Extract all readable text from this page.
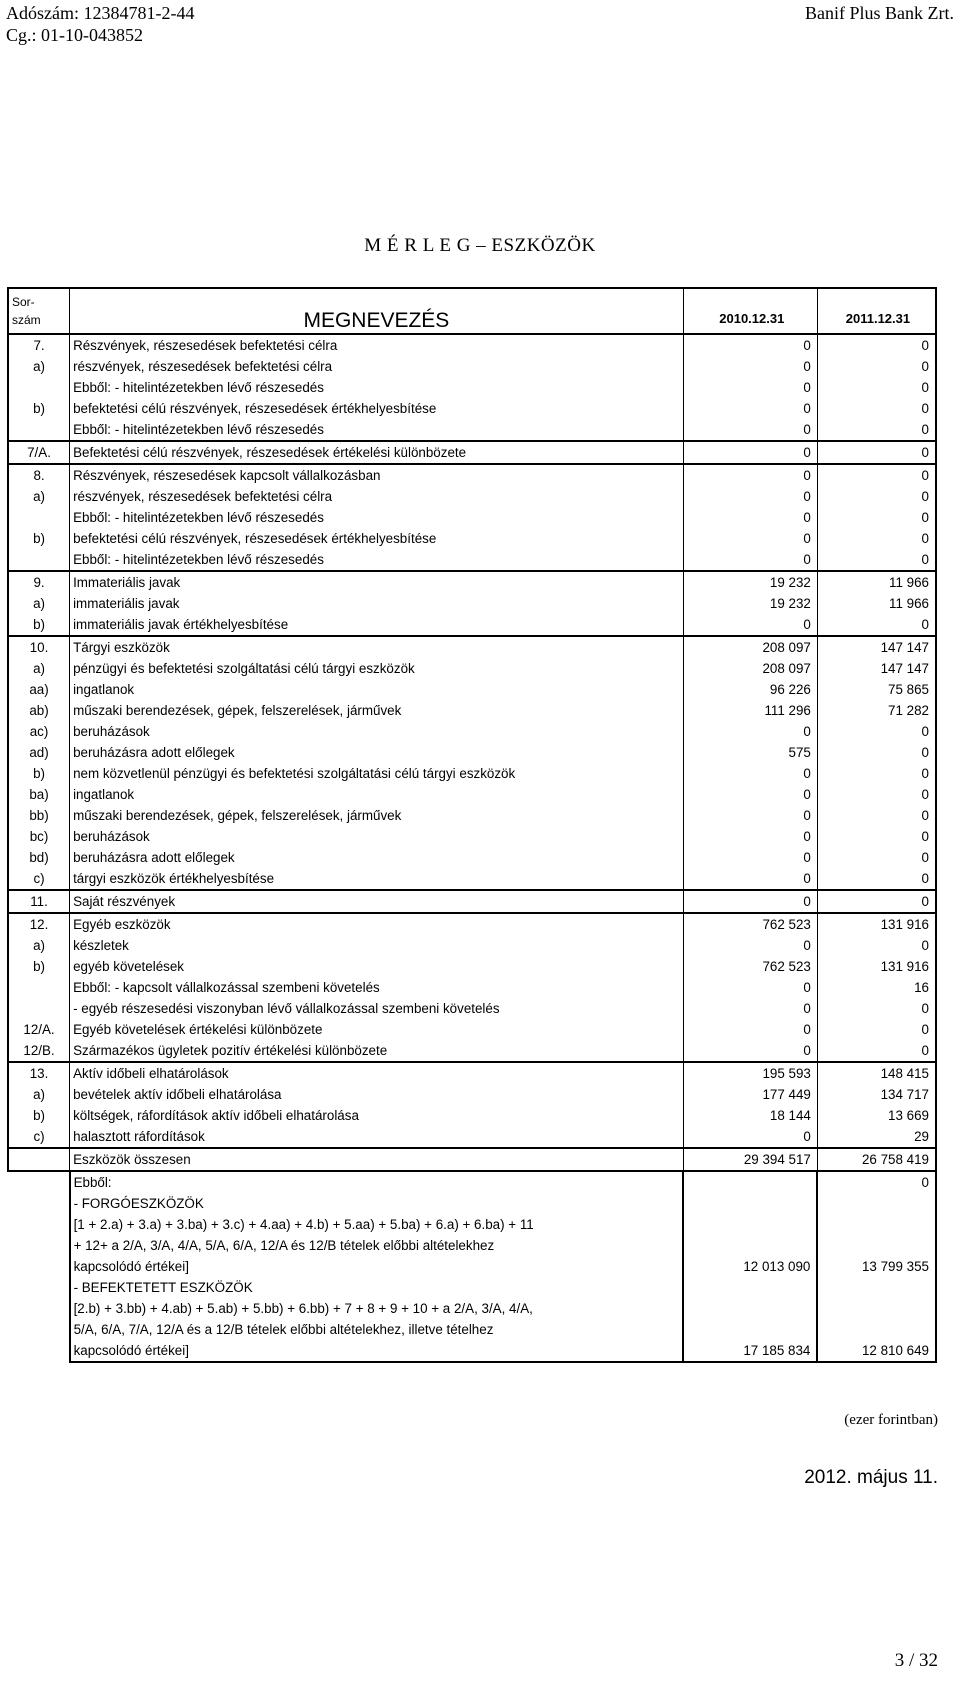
Adószám: 12384781-2-44
Cg.: 01-10-043852
Banif Plus Bank Zrt.
M É R L E G – ESZKÖZÖK
Sor-
szám	MEGNEVEZÉS	2010.12.31	2011.12.31
7.	Részvények, részesedések befektetési célra	0	0
a)	részvények, részesedések befektetési célra	0	0
	Ebből: - hitelintézetekben lévő részesedés	0	0
b)	befektetési célú részvények, részesedések értékhelyesbítése	0	0
	Ebből: - hitelintézetekben lévő részesedés	0	0
7/A.	Befektetési célú részvények, részesedések értékelési különbözete	0	0
8.	Részvények, részesedések kapcsolt vállalkozásban	0	0
a)	részvények, részesedések befektetési célra	0	0
	Ebből: - hitelintézetekben lévő részesedés	0	0
b)	befektetési célú részvények, részesedések értékhelyesbítése	0	0
	Ebből: - hitelintézetekben lévő részesedés	0	0
9.	Immateriális javak	19 232	11 966
a)	immateriális javak	19 232	11 966
b)	immateriális javak értékhelyesbítése	0	0
10.	Tárgyi eszközök	208 097	147 147
a)	pénzügyi és befektetési szolgáltatási célú tárgyi eszközök	208 097	147 147
aa)	ingatlanok	96 226	75 865
ab)	műszaki berendezések, gépek, felszerelések, járművek	111 296	71 282
ac)	beruházások	0	0
ad)	beruházásra adott előlegek	575	0
b)	nem közvetlenül pénzügyi és befektetési szolgáltatási célú tárgyi eszközök	0	0
ba)	ingatlanok	0	0
bb)	műszaki berendezések, gépek, felszerelések, járművek	0	0
bc)	beruházások	0	0
bd)	beruházásra adott előlegek	0	0
c)	tárgyi eszközök értékhelyesbítése	0	0
11.	Saját részvények	0	0
12.	Egyéb eszközök	762 523	131 916
a)	készletek	0	0
b)	egyéb követelések	762 523	131 916
	Ebből: - kapcsolt vállalkozással szembeni követelés	0	16
	- egyéb részesedési viszonyban lévő vállalkozással szembeni követelés	0	0
12/A.	Egyéb követelések értékelési különbözete	0	0
12/B.	Származékos ügyletek pozitív értékelési különbözete	0	0
13.	Aktív időbeli elhatárolások	195 593	148 415
a)	bevételek aktív időbeli elhatárolása	177 449	134 717
b)	költségek, ráfordítások aktív időbeli elhatárolása	18 144	13 669
c)	halasztott ráfordítások	0	29
	Eszközök összesen	29 394 517	26 758 419
	Ebből:		0
	- FORGÓESZKÖZÖK		
	[1 + 2.a) + 3.a) + 3.ba) + 3.c) + 4.aa) + 4.b) + 5.aa) + 5.ba) + 6.a) + 6.ba) + 11		
	+ 12+ a 2/A, 3/A, 4/A, 5/A, 6/A, 12/A és 12/B tételek előbbi altételekhez		
	kapcsolódó értékei]	12 013 090	13 799 355
	- BEFEKTETETT ESZKÖZÖK		
	[2.b) + 3.bb) + 4.ab) + 5.ab) + 5.bb) + 6.bb) + 7 + 8 + 9 + 10 + a 2/A, 3/A, 4/A,		
	5/A, 6/A, 7/A, 12/A és a 12/B tételek előbbi altételekhez, illetve tételhez		
	kapcsolódó értékei]	17 185 834	12 810 649
(ezer forintban)
2012. május 11.
3 / 32
